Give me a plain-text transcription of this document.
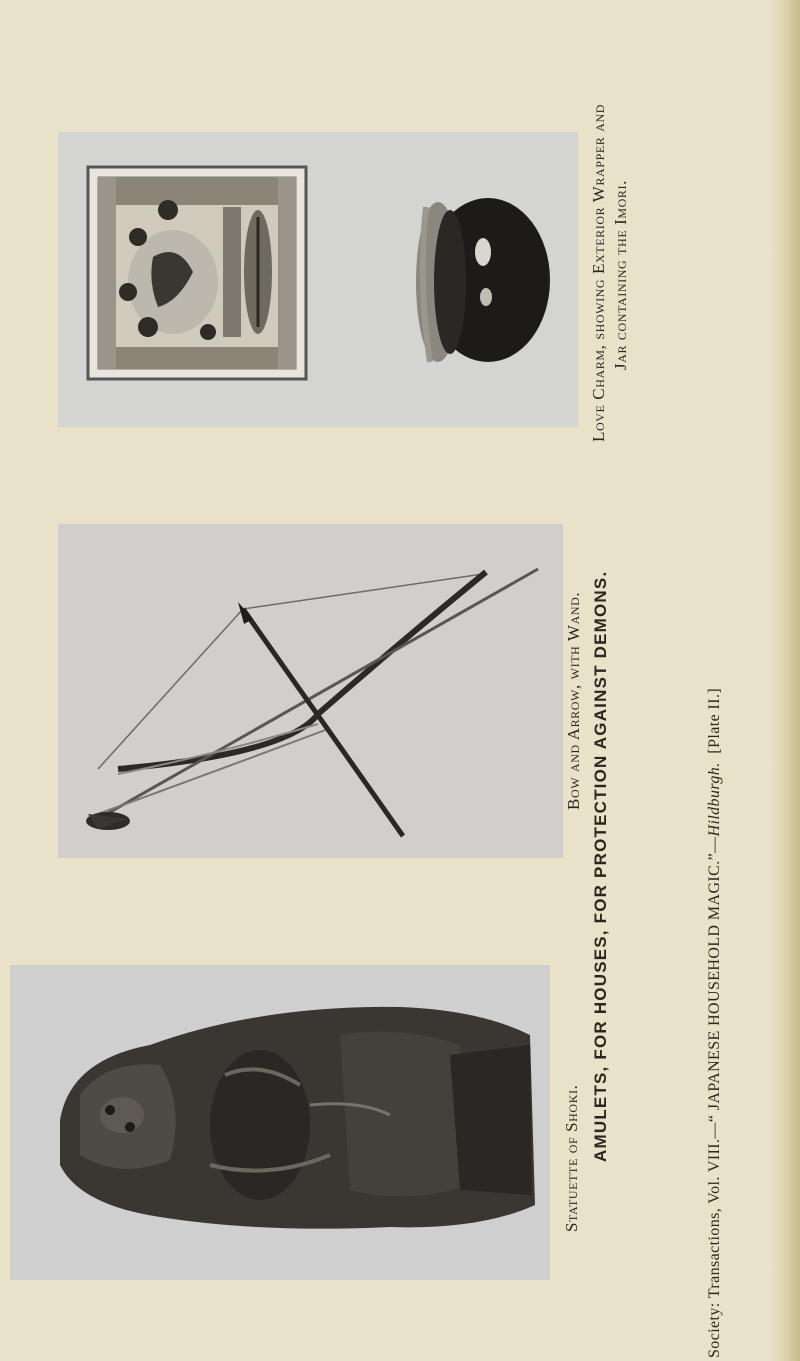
Love Charm, showing Exterior Wrapper and Jar containing the Imori.
Bow and Arrow, with Wand. AMULETS, FOR HOUSES, FOR PROTECTION AGAINST DEMONS.
Statuette of Shoki.	Society: Transactions, Vol. VIII.—“ JAPANESE HOUSEHOLD MAGIC.”—Hildburgh.  [Plate II.]
